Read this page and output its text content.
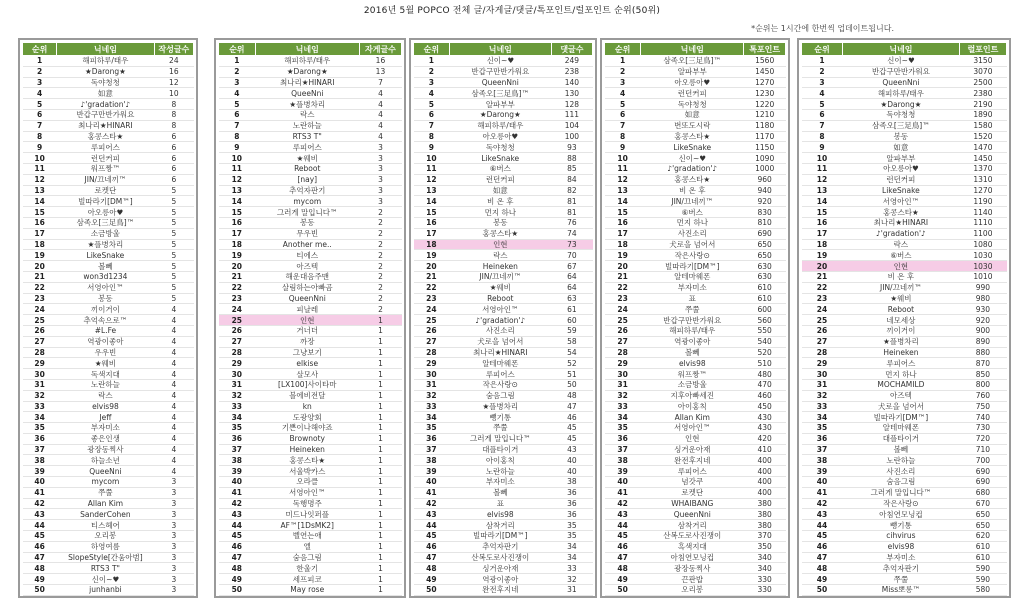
2016년 5월 POPCO 전체 글/자게글/댓글/톡포인트/럴포인트 순위(50위)
*순위는 1시간에 한번씩 업데이트됩니다.
순위	닉네임	작성글수
1	해피하루/태우	24
2	★Darong★	16
3	독야청청	12
4	如意	10
5	♪'gradation'♪	8
6	반갑구만반가워요	8
7	최나리★HINARI	8
8	홍콩스타★	6
9	루피어스	6
10	런던커피	6
11	워프짱™	6
12	JIN/끄네끼™	6
13	로켓단	5
14	빌따라기[DM™]	5
15	아오릉아♥	5
16	삼족오[三足鳥]™	5
17	소금방울	5
18	★플병차리	5
19	LikeSnake	5
20	볼뻬	5
21	won3d1234	5
22	서영아인™	5
23	봉동	5
24	끼이거이	4
25	추억속으로™	4
26	#L.Fe	4
27	역광이좋아	4
28	우우빈	4
29	★웨비	4
30	독색지대	4
31	노란하늘	4
32	락스	4
33	elvis98	4
34	Jeff	4
35	부자미소	4
36	좋은인생	4
37	광장동찍사	4
38	하늘소년	4
39	QueeNni	4
40	mycom	3
41	쭈쭐	3
42	Allan Kim	3
43	SanderCohen	3
44	티스헤어	3
45	오리봉	3
46	하영여름	3
47	SlopeStyle[간움아범]	3
48	RTS3 T"	3
49	신이~♥	3
50	junhanbi	3
순위	닉네임	자게글수
1	해피하루/태우	16
2	★Darong★	13
3	최나리★HINARI	7
4	QueeNni	4
5	★플병차리	4
6	락스	4
7	노란하늘	4
8	RTS3 T"	4
9	루피어스	3
10	★웨비	3
11	Reboot	3
12	[nay]	3
13	추억자판기	3
14	mycom	3
15	그러게 말입니다™	2
16	봉동	2
17	무우빈	2
18	Another me..	2
19	티에스	2
20	아즈텍	2
21	해운대음주맨	2
22	살림하는아빠곰	2
23	QueenNni	2
24	피날레	2
25	인현	1
26	거너더	1
27	까장	1
28	그냥보기	1
29	elkise	1
30	살모사	1
31	[LX100]사이타마	1
32	블에비전달	1
33	kn	1
34	도광양회	1
35	기쁜이나해야죠	1
36	Brownoty	1
37	Heineken	1
38	홍콩스타★	1
39	서울박카스	1
40	오라클	1
41	서영아인™	1
42	독행명주	1
43	미드나잇퍼플	1
44	AF™[1DsMK2]	1
45	벨연는애	1
46	엘	1
47	숨음그림	1
48	한울기	1
49	세프피코	1
50	May rose	1
순위	닉네임	댓글수
1	신이~♥	249
2	반갑구만반가워요	238
3	QueenNni	140
4	삼족오[三足鳥]™	130
5	알파부부	128
6	★Darong★	111
7	해피하루/태우	104
8	아오릉아♥	100
9	독야청청	93
10	LikeSnake	88
11	⑥버스	85
12	런던커피	84
13	如意	82
14	비 온 후	81
15	먼지 하나	81
16	봉동	76
17	홍콩스타★	74
18	인현	73
19	락스	70
20	Heineken	67
21	JIN/끄네끼™	64
22	★웨비	64
23	Reboot	63
24	서영아인™	61
25	♪'gradation'♪	60
26	사진소리	59
27	犬로을 넘어서	58
28	최나리★HINARI	54
29	알테마웨폰	52
30	루피어스	51
31	작은사랑⊙	50
32	숨음그림	48
33	★플병차리	47
34	뺑기통	46
35	쭈쭐	45
36	그러게 말입니다™	45
37	대플타이거	43
38	아이홍칙	40
39	노란하늘	40
40	부자미소	38
41	볼뻬	36
42	표	36
43	elvis98	36
44	삼착거리	35
45	빌따라기[DM™]	35
46	추억자판기	34
47	산복도로사진쟁이	34
48	싱거운아재	33
49	역광이좋아	32
50	완전후지네	31
순위	닉네임	톡포인트
1	삼족오[三足鳥]™	1560
2	알파부부	1450
3	아오릉아♥	1270
4	런던커피	1230
5	독야청청	1220
6	如意	1210
7	번또도시락	1180
8	홍콩스타★	1170
9	LikeSnake	1150
10	신이~♥	1090
11	♪'gradation'♪	1000
12	홍콩스타★	960
13	비 온 후	940
14	JIN/끄네끼™	920
15	⑥버스	830
16	먼지 하나	810
17	사진소리	690
18	犬로을 넘어서	650
19	작은사랑⊙	650
20	빌따라기[DM™]	630
21	알테마웨폰	630
22	부자미소	610
23	표	610
24	쭈쭐	600
25	반갑구만반가워요	560
26	해피하루/태우	550
27	역광이좋아	540
28	볼뻬	520
29	elvis98	510
30	워프짱™	480
31	소금방울	470
32	지후아빠세진	460
33	아이홍칙	450
34	Allan Kim	430
35	서영아인™	430
36	인현	420
37	싱거운아재	410
38	완전후지네	400
39	루피어스	400
40	념갓쿠	400
41	로켓단	400
42	WHAIBANG	380
43	QueenNni	380
44	삼착거리	380
45	산복도로사진쟁이	370
46	흑색지대	350
47	아침연모닝컵	340
48	광장동찍사	340
49	끈판밥	330
50	오리봉	330
순위	닉네임	럴포인트
1	신이~♥	3150
2	반갑구만반가워요	3070
3	QueenNni	2500
4	해피하루/태우	2380
5	★Darong★	2190
6	독야청청	1890
7	삼족오[三足鳥]™	1580
8	봉동	1520
9	如意	1470
10	알파부부	1450
11	아오릉아♥	1370
12	런던커피	1310
13	LikeSnake	1270
14	서영아인™	1190
15	홍콩스타★	1140
16	최나리★HINARI	1110
17	♪'gradation'♪	1100
18	락스	1080
19	⑥버스	1030
20	인현	1030
21	비 온 후	1010
22	JIN/끄네끼™	990
23	★웨비	980
24	Reboot	930
25	네모세상	920
26	끼이거이	900
27	★플병차리	890
28	Heineken	880
29	루피어스	870
30	먼지 하나	850
31	MOCHAMILD	800
32	아즈텍	760
33	犬로을 넘어서	750
34	빌따라기[DM™]	740
35	알테마웨폰	730
36	대플타이거	720
37	볼뻬	710
38	노란하늘	700
39	사진소리	690
40	숨음그림	690
41	그러게 말입니다™	680
42	작은사랑⊙	670
43	아침연모닝컵	650
44	뺑기통	650
45	cihvirus	620
46	elvis98	610
47	부자미소	610
48	추억자판기	590
49	쭈쭐	590
50	Miss뽀롱™	580
